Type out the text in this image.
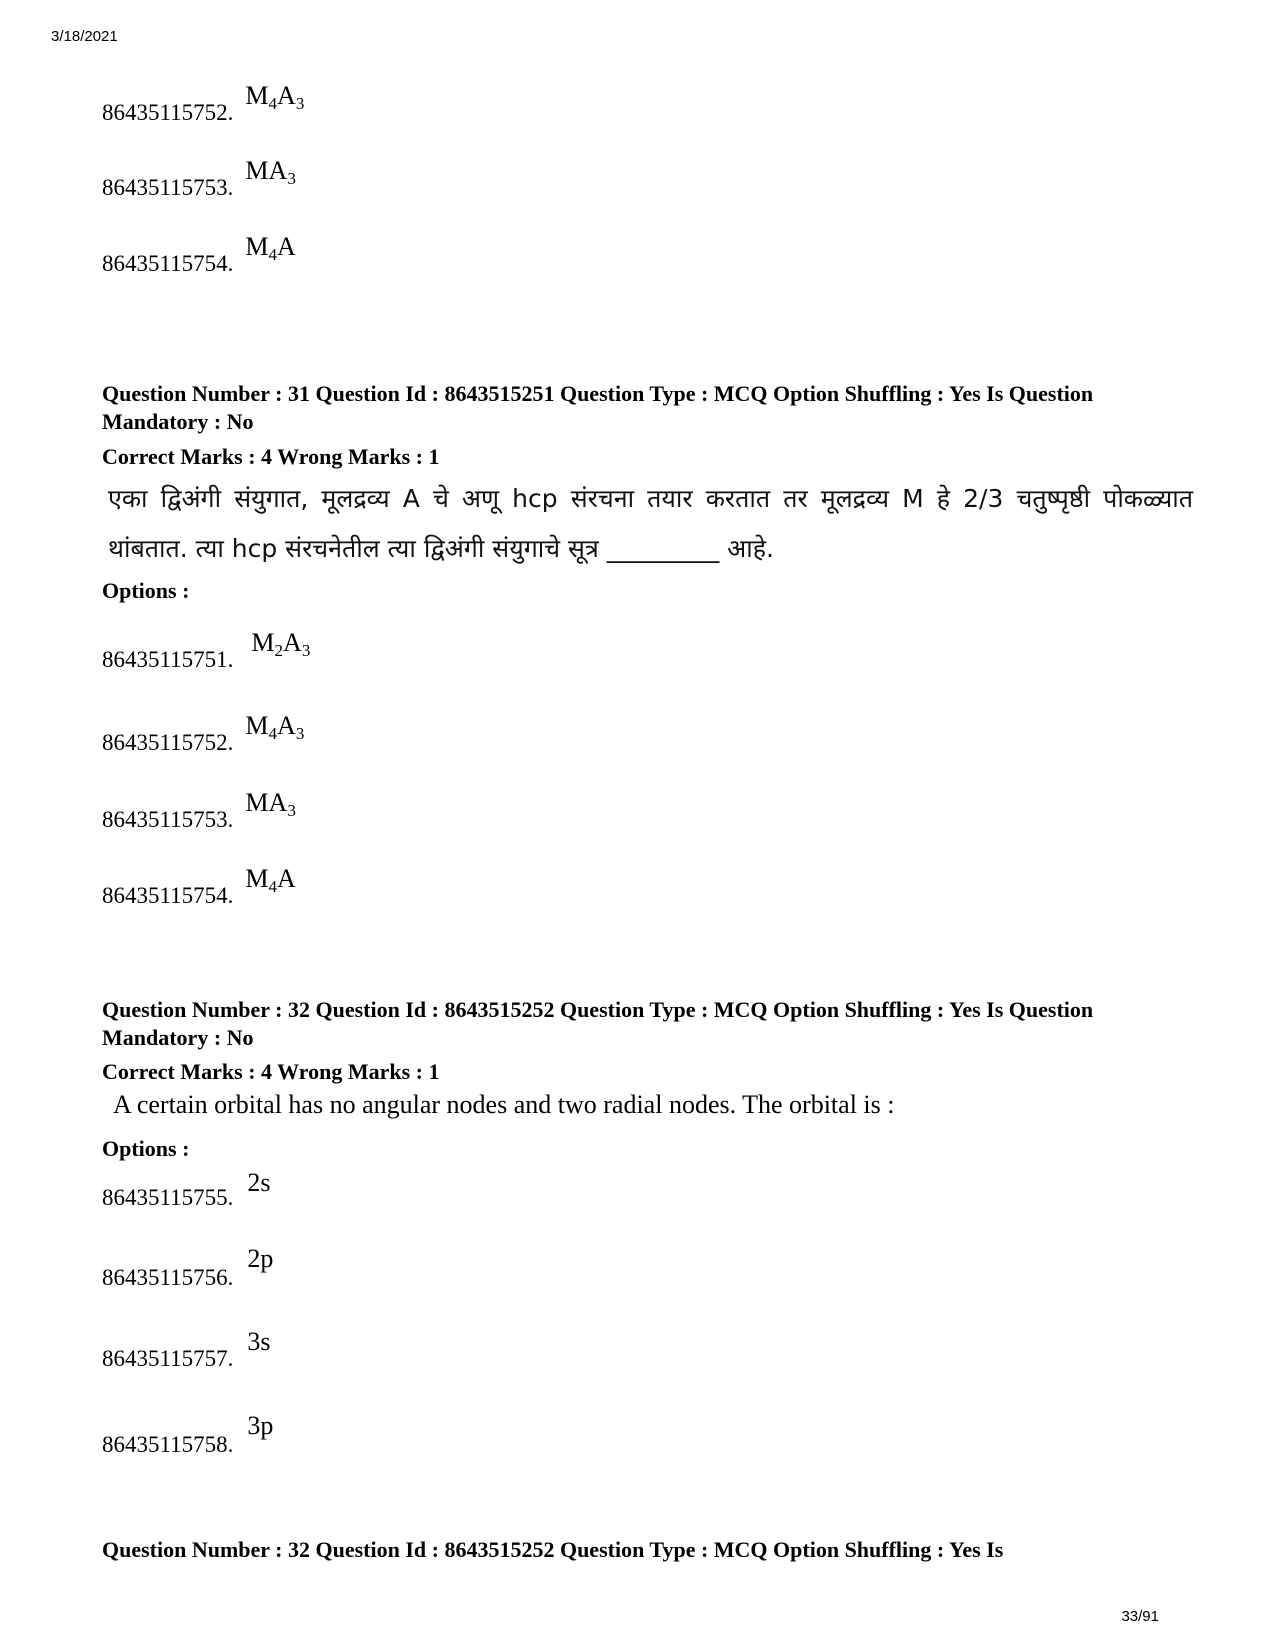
3/18/2021
86435115752. $M_4A_3$
86435115753. $MA_3$
86435115754. $M_4A$
Question Number : 31 Question Id : 8643515251 Question Type : MCQ Option Shuffling : Yes Is Question Mandatory : No
Correct Marks : 4 Wrong Marks : 1
एका द्विअंगी संयुगात, मूलद्रव्य A चे अणू hcp संरचना तयार करतात तर मूलद्रव्य M हे 2/3 चतुष्पृष्ठी पोकळ्यात थांबतात. त्या hcp संरचनेतील त्या द्विअंगी संयुगाचे सूत्र _________ आहे.
Options :
86435115751. $M_2A_3$
86435115752. $M_4A_3$
86435115753. $MA_3$
86435115754. $M_4A$
Question Number : 32 Question Id : 8643515252 Question Type : MCQ Option Shuffling : Yes Is Question Mandatory : No
Correct Marks : 4 Wrong Marks : 1
A certain orbital has no angular nodes and two radial nodes. The orbital is :
Options :
86435115755. 2s
86435115756. 2p
86435115757. 3s
86435115758. 3p
Question Number : 32 Question Id : 8643515252 Question Type : MCQ Option Shuffling : Yes Is
33/91
